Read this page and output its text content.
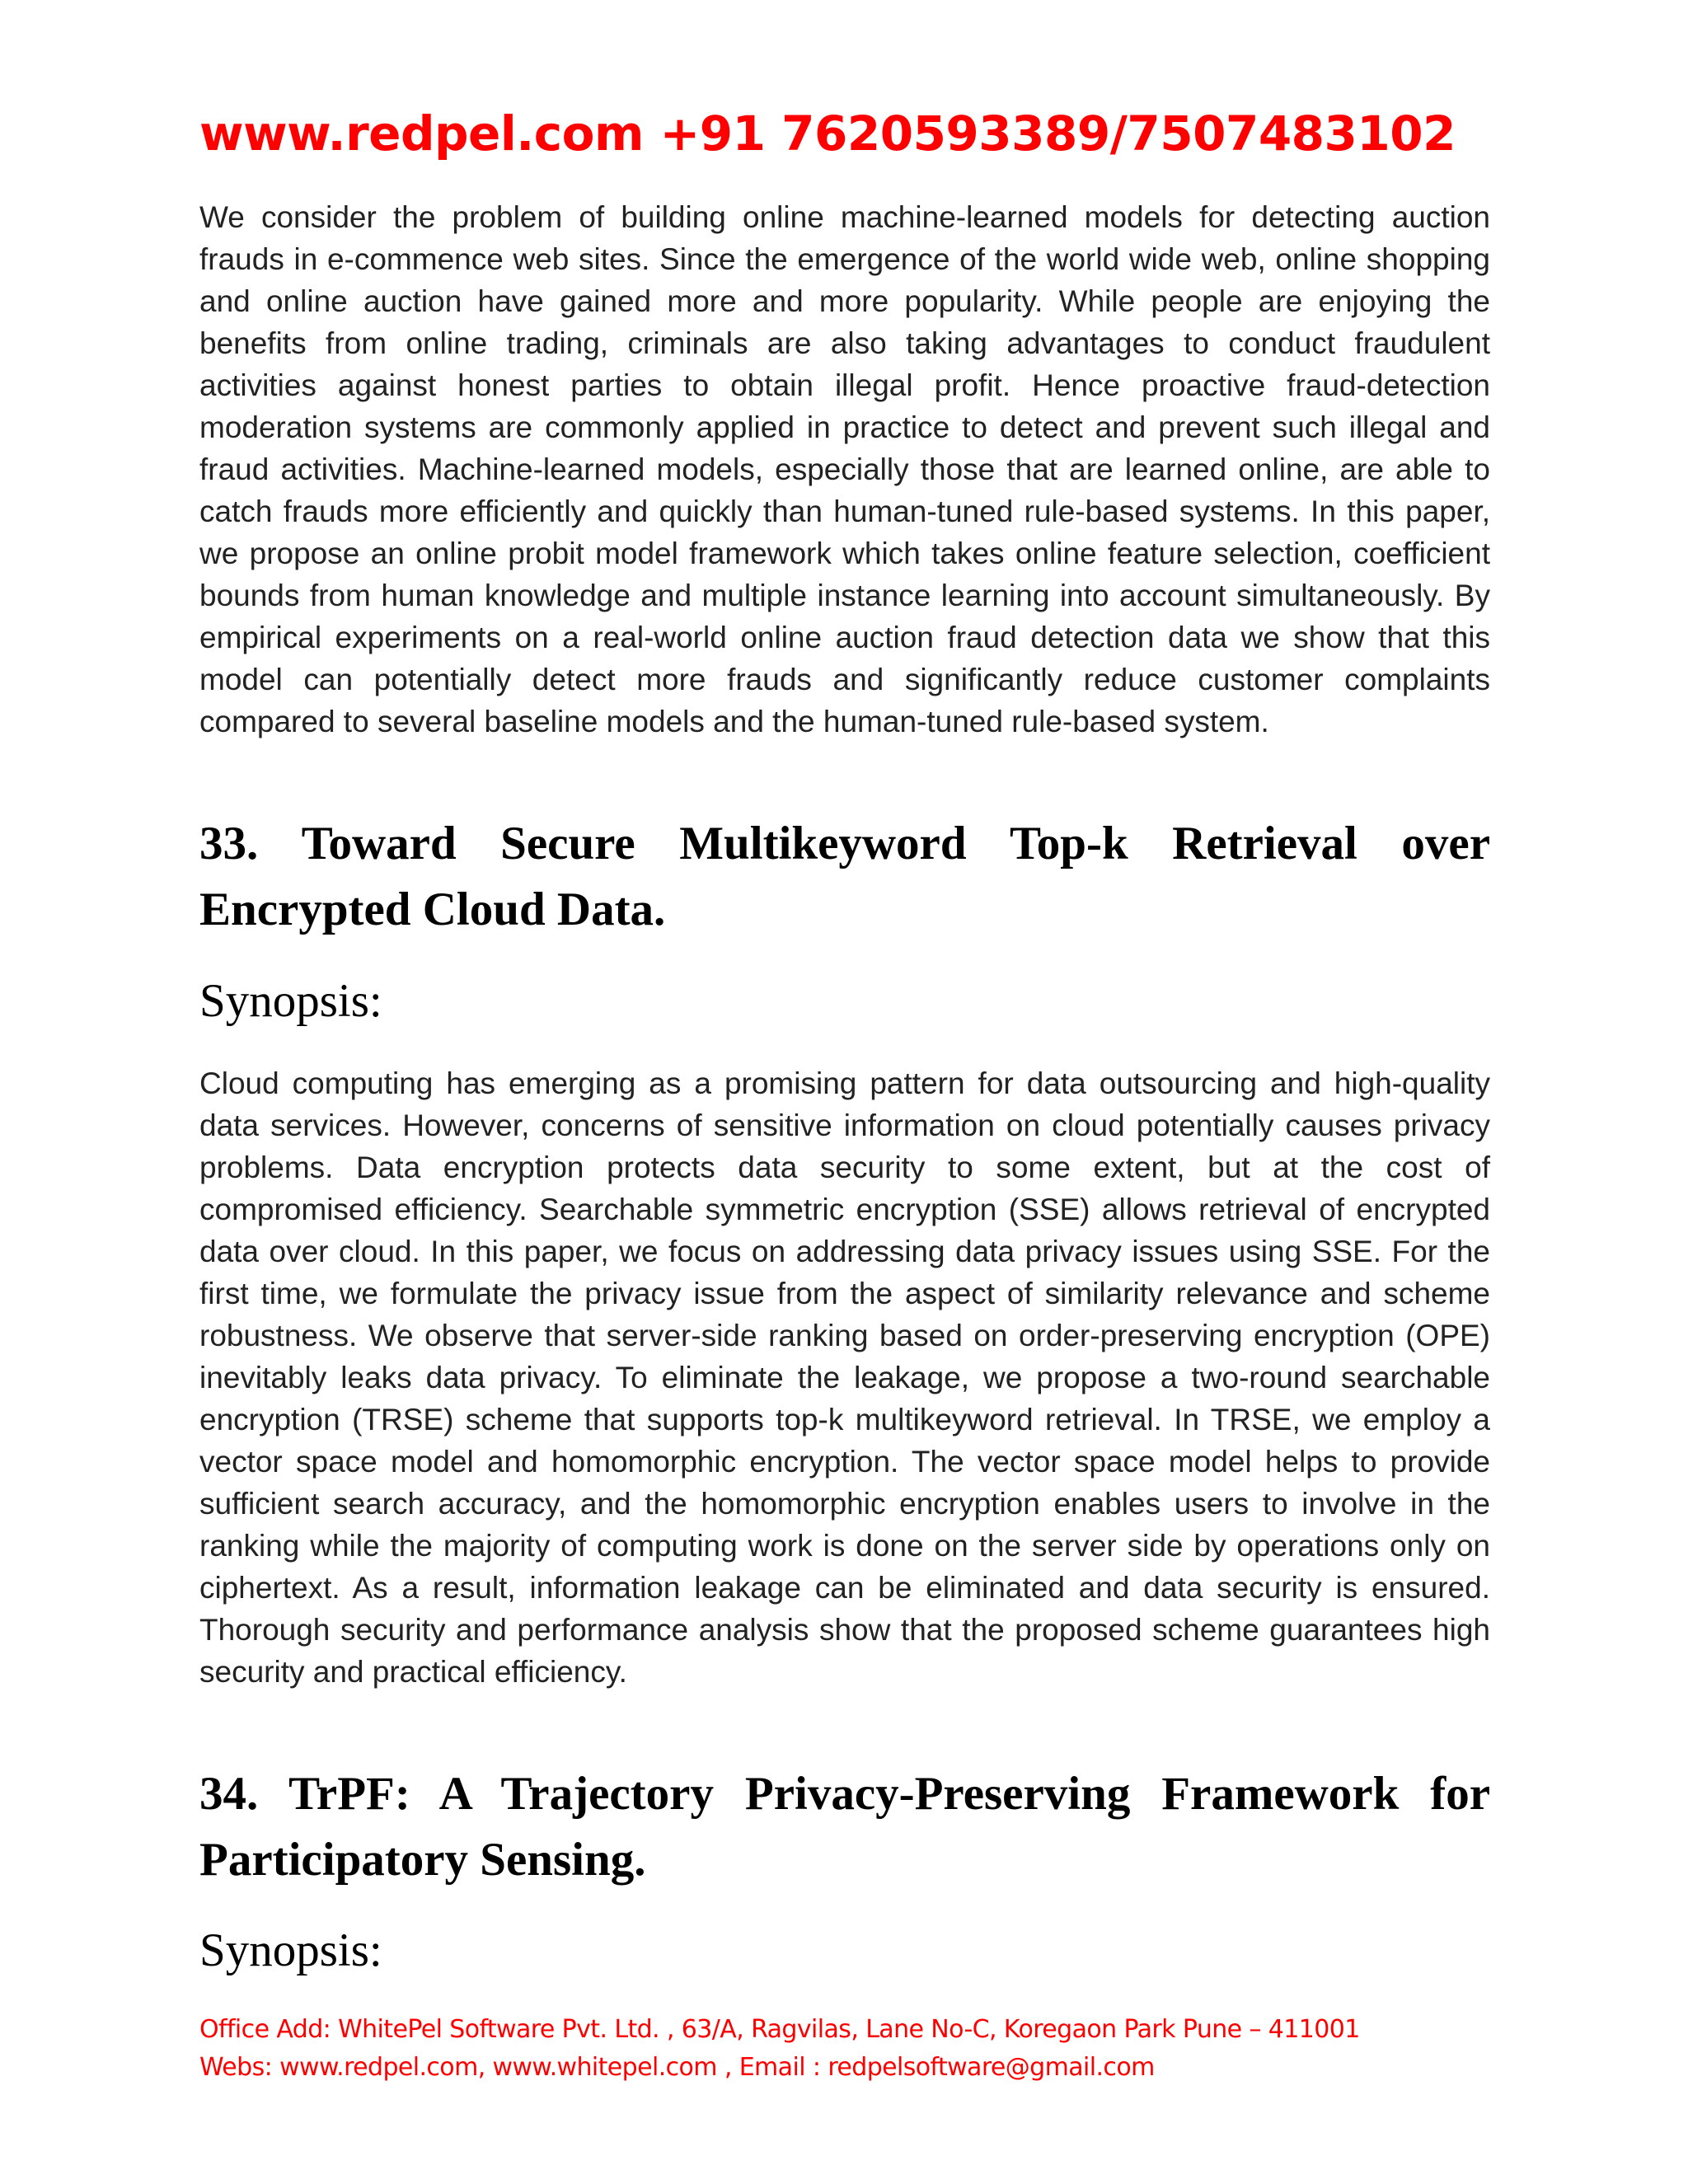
www.redpel.com +91 7620593389/7507483102
We consider the problem of building online machine-learned models for detecting auction frauds in e-commence web sites. Since the emergence of the world wide web, online shopping and online auction have gained more and more popularity. While people are enjoying the benefits from online trading, criminals are also taking advantages to conduct fraudulent activities against honest parties to obtain illegal profit. Hence proactive fraud-detection moderation systems are commonly applied in practice to detect and prevent such illegal and fraud activities. Machine-learned models, especially those that are learned online, are able to catch frauds more efficiently and quickly than human-tuned rule-based systems. In this paper, we propose an online probit model framework which takes online feature selection, coefficient bounds from human knowledge and multiple instance learning into account simultaneously. By empirical experiments on a real-world online auction fraud detection data we show that this model can potentially detect more frauds and significantly reduce customer complaints compared to several baseline models and the human-tuned rule-based system.
33. Toward Secure Multikeyword Top-k Retrieval over Encrypted Cloud Data.
Synopsis:
Cloud computing has emerging as a promising pattern for data outsourcing and high-quality data services. However, concerns of sensitive information on cloud potentially causes privacy problems. Data encryption protects data security to some extent, but at the cost of compromised efficiency. Searchable symmetric encryption (SSE) allows retrieval of encrypted data over cloud. In this paper, we focus on addressing data privacy issues using SSE. For the first time, we formulate the privacy issue from the aspect of similarity relevance and scheme robustness. We observe that server-side ranking based on order-preserving encryption (OPE) inevitably leaks data privacy. To eliminate the leakage, we propose a two-round searchable encryption (TRSE) scheme that supports top-k multikeyword retrieval. In TRSE, we employ a vector space model and homomorphic encryption. The vector space model helps to provide sufficient search accuracy, and the homomorphic encryption enables users to involve in the ranking while the majority of computing work is done on the server side by operations only on ciphertext. As a result, information leakage can be eliminated and data security is ensured. Thorough security and performance analysis show that the proposed scheme guarantees high security and practical efficiency.
34. TrPF: A Trajectory Privacy-Preserving Framework for Participatory Sensing.
Synopsis:
Office Add: WhitePel Software Pvt. Ltd. , 63/A, Ragvilas, Lane No-C, Koregaon Park Pune – 411001
Webs: www.redpel.com, www.whitepel.com , Email : redpelsoftware@gmail.com
